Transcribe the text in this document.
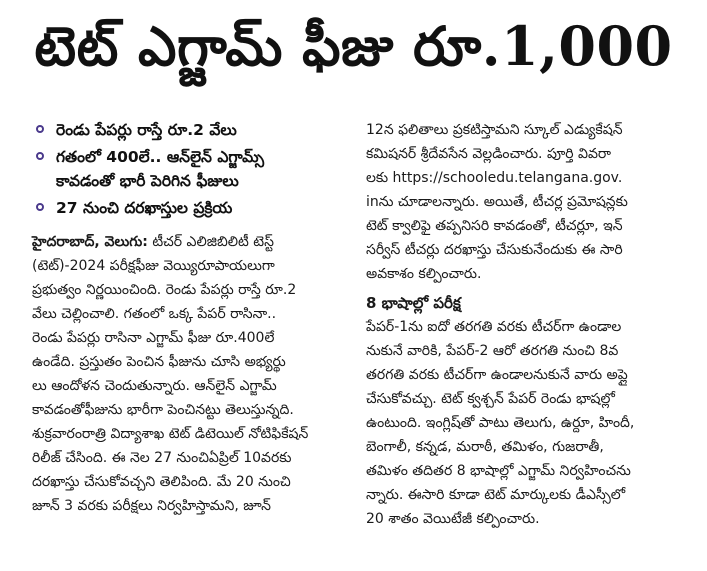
టెట్ ఎగ్జామ్ ఫీజు రూ.1,000
రెండు పేపర్లు రాస్తే రూ.2 వేలు
గతంలో 400లే.. ఆన్‌లైన్ ఎగ్జామ్స్
కావడంతో భారీ పెరిగిన ఫీజులు
27 నుంచి దరఖాస్తుల ప్రక్రియ
హైదరాబాద్, వెలుగు: టీచర్ ఎలిజిబిలిటీ టెస్ట్
(టెట్)-2024 పరీక్షఫీజు వెయ్యిరూపాయలుగా
ప్రభుత్వం నిర్ణయించింది. రెండు పేపర్లు రాస్తే రూ.2
వేలు చెల్లించాలి. గతంలో ఒక్క పేపర్ రాసినా..
రెండు పేపర్లు రాసినా ఎగ్జామ్ ఫీజు రూ.400లే
ఉండేది. ప్రస్తుతం పెంచిన ఫీజును చూసి అభ్యర్థు
లు ఆందోళన చెందుతున్నారు. ఆన్‌లైన్ ఎగ్జామ్
కావడంతోఫీజును భారీగా పెంచినట్టు తెలుస్తున్నది.
శుక్రవారంరాత్రి విద్యాశాఖ టెట్ డిటెయిల్ నోటిఫికేషన్
రిలీజ్ చేసింది. ఈ నెల 27 నుంచిఏప్రిల్ 10వరకు
దరఖాస్తు చేసుకోవచ్చని తెలిపింది. మే 20 నుంచి
జూన్ 3 వరకు పరీక్షలు నిర్వహిస్తామని, జూన్
12న ఫలితాలు ప్రకటిస్తామని స్కూల్ ఎడ్యుకేషన్
కమిషనర్ శ్రీదేవసేన వెల్లడించారు. పూర్తి వివరా
లకు https://schooledu.telangana.gov.
inను చూడాలన్నారు. అయితే, టీచర్ల ప్రమోషన్లకు
టెట్ క్వాలిఫై తప్పనిసరి కావడంతో, టీచర్లూ, ఇన్
సర్వీస్ టీచర్లు దరఖాస్తు చేసుకునేందుకు ఈ సారి
అవకాశం కల్పించారు.
8 భాషాల్లో పరీక్ష
పేపర్-1ను ఐదో తరగతి వరకు టీచర్‌గా ఉండాల
నుకునే వారికి, పేపర్-2 ఆరో తరగతి నుంచి 8వ
తరగతి వరకు టీచర్‌గా ఉండాలనుకునే వారు అప్లై
చేసుకోవచ్చు. టెట్ క్వశ్చన్ పేపర్ రెండు భాషల్లో
ఉంటుంది. ఇంగ్లిష్‌తో పాటు తెలుగు, ఉర్దూ, హిందీ,
బెంగాలీ, కన్నడ, మరాఠీ, తమిళం, గుజరాతీ,
తమిళం తదితర 8 భాషాల్లో ఎగ్జామ్ నిర్వహించను
న్నారు. ఈసారి కూడా టెట్ మార్కులకు డీఎస్సీలో
20 శాతం వెయిటేజీ కల్పించారు.
